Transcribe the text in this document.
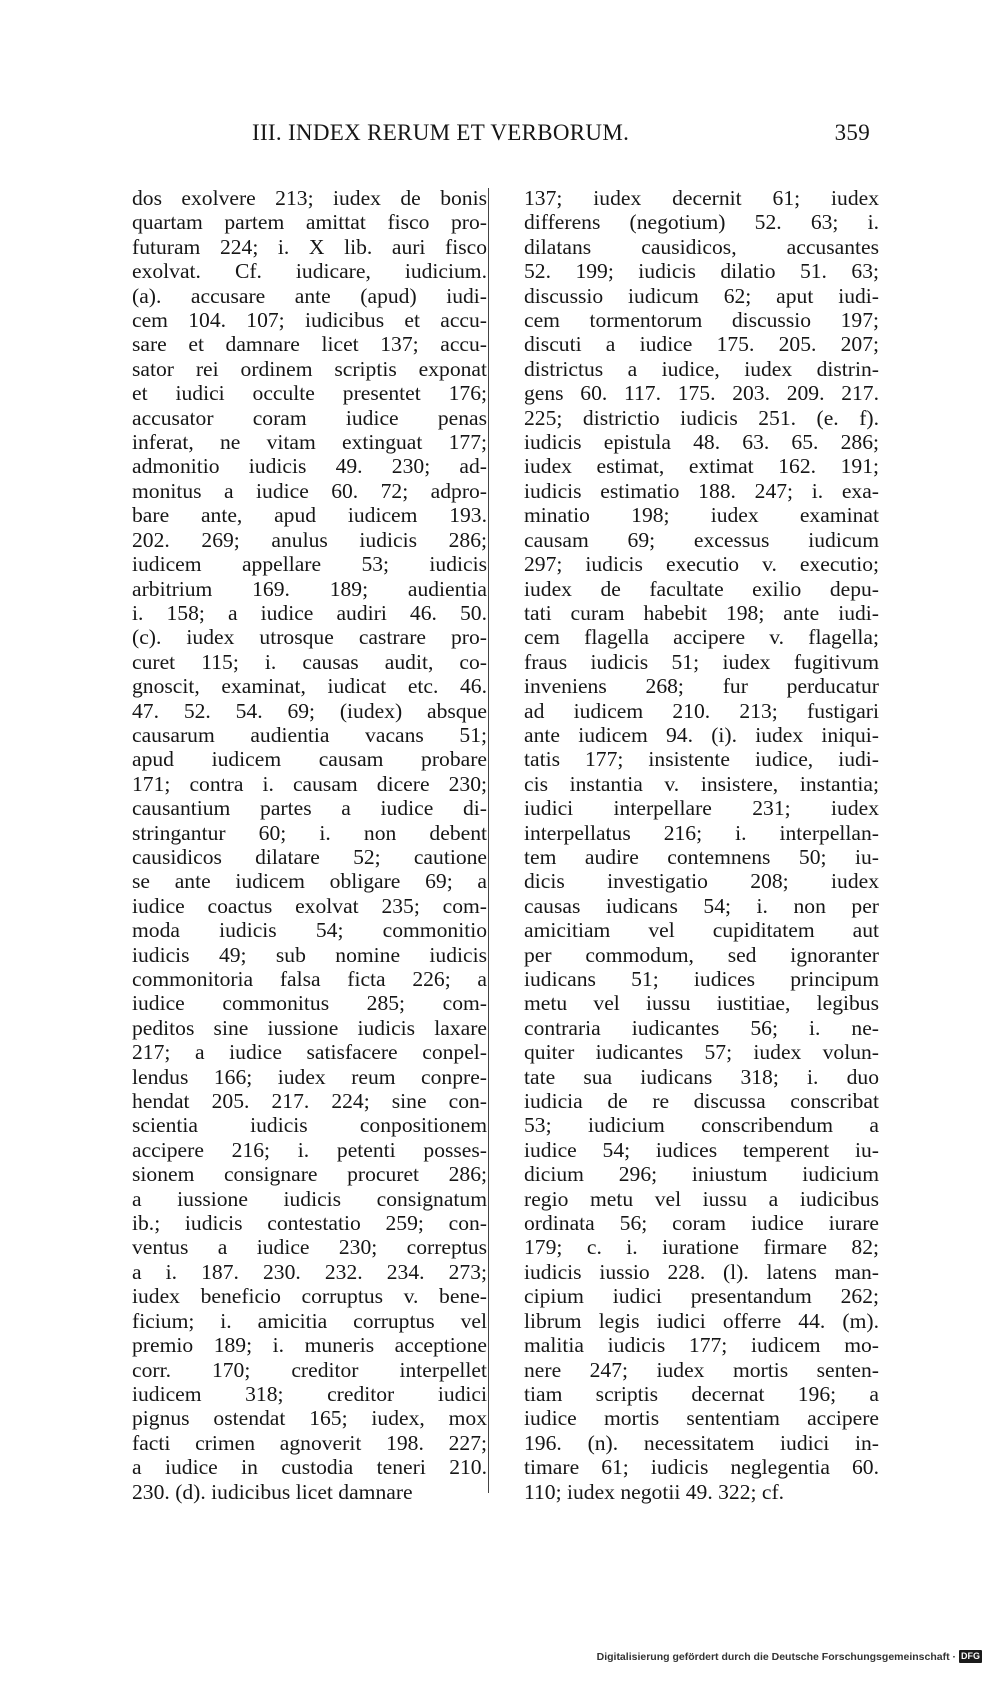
III. INDEX RERUM ET VERBORUM.	359
dos exolvere 213; iudex de bonis
quartam partem amittat fisco pro-
futuram 224; i. X lib. auri fisco
exolvat. Cf. iudicare, iudicium.
(a). accusare ante (apud) iudi-
cem 104. 107; iudicibus et accu-
sare et damnare licet 137; accu-
sator rei ordinem scriptis exponat
et iudici occulte presentet 176;
accusator coram iudice penas
inferat, ne vitam extinguat 177;
admonitio iudicis 49. 230; ad-
monitus a iudice 60. 72; adpro-
bare ante, apud iudicem 193.
202. 269; anulus iudicis 286;
iudicem appellare 53; iudicis
arbitrium 169. 189; audientia
i. 158; a iudice audiri 46. 50.
(c). iudex utrosque castrare pro-
curet 115; i. causas audit, co-
gnoscit, examinat, iudicat etc. 46.
47. 52. 54. 69; (iudex) absque
causarum audientia vacans 51;
apud iudicem causam probare
171; contra i. causam dicere 230;
causantium partes a iudice di-
stringantur 60; i. non debent
causidicos dilatare 52; cautione
se ante iudicem obligare 69; a
iudice coactus exolvat 235; com-
moda iudicis 54; commonitio
iudicis 49; sub nomine iudicis
commonitoria falsa ficta 226; a
iudice commonitus 285; com-
peditos sine iussione iudicis laxare
217; a iudice satisfacere conpel-
lendus 166; iudex reum conpre-
hendat 205. 217. 224; sine con-
scientia iudicis conpositionem
accipere 216; i. petenti posses-
sionem consignare procuret 286;
a iussione iudicis consignatum
ib.; iudicis contestatio 259; con-
ventus a iudice 230; correptus
a i. 187. 230. 232. 234. 273;
iudex beneficio corruptus v. bene-
ficium; i. amicitia corruptus vel
premio 189; i. muneris acceptione
corr. 170; creditor interpellet
iudicem 318; creditor iudici
pignus ostendat 165; iudex, mox
facti crimen agnoverit 198. 227;
a iudice in custodia teneri 210.
230. (d). iudicibus licet damnare
137; iudex decernit 61; iudex
differens (negotium) 52. 63; i.
dilatans causidicos, accusantes
52. 199; iudicis dilatio 51. 63;
discussio iudicum 62; aput iudi-
cem tormentorum discussio 197;
discuti a iudice 175. 205. 207;
districtus a iudice, iudex distrin-
gens 60. 117. 175. 203. 209. 217.
225; districtio iudicis 251. (e. f).
iudicis epistula 48. 63. 65. 286;
iudex estimat, extimat 162. 191;
iudicis estimatio 188. 247; i. exa-
minatio 198; iudex examinat
causam 69; excessus iudicum
297; iudicis executio v. executio;
iudex de facultate exilio depu-
tati curam habebit 198; ante iudi-
cem flagella accipere v. flagella;
fraus iudicis 51; iudex fugitivum
inveniens 268; fur perducatur
ad iudicem 210. 213; fustigari
ante iudicem 94. (i). iudex iniqui-
tatis 177; insistente iudice, iudi-
cis instantia v. insistere, instantia;
iudici interpellare 231; iudex
interpellatus 216; i. interpellan-
tem audire contemnens 50; iu-
dicis investigatio 208; iudex
causas iudicans 54; i. non per
amicitiam vel cupiditatem aut
per commodum, sed ignoranter
iudicans 51; iudices principum
metu vel iussu iustitiae, legibus
contraria iudicantes 56; i. ne-
quiter iudicantes 57; iudex volun-
tate sua iudicans 318; i. duo
iudicia de re discussa conscribat
53; iudicium conscribendum a
iudice 54; iudices temperent iu-
dicium 296; iniustum iudicium
regio metu vel iussu a iudicibus
ordinata 56; coram iudice iurare
179; c. i. iuratione firmare 82;
iudicis iussio 228. (l). latens man-
cipium iudici presentandum 262;
librum legis iudici offerre 44. (m).
malitia iudicis 177; iudicem mo-
nere 247; iudex mortis senten-
tiam scriptis decernat 196; a
iudice mortis sententiam accipere
196. (n). necessitatem iudici in-
timare 61; iudicis neglegentia 60.
110; iudex negotii 49. 322; cf.
Digitalisierung gefördert durch die Deutsche Forschungsgemeinschaft · DFG
